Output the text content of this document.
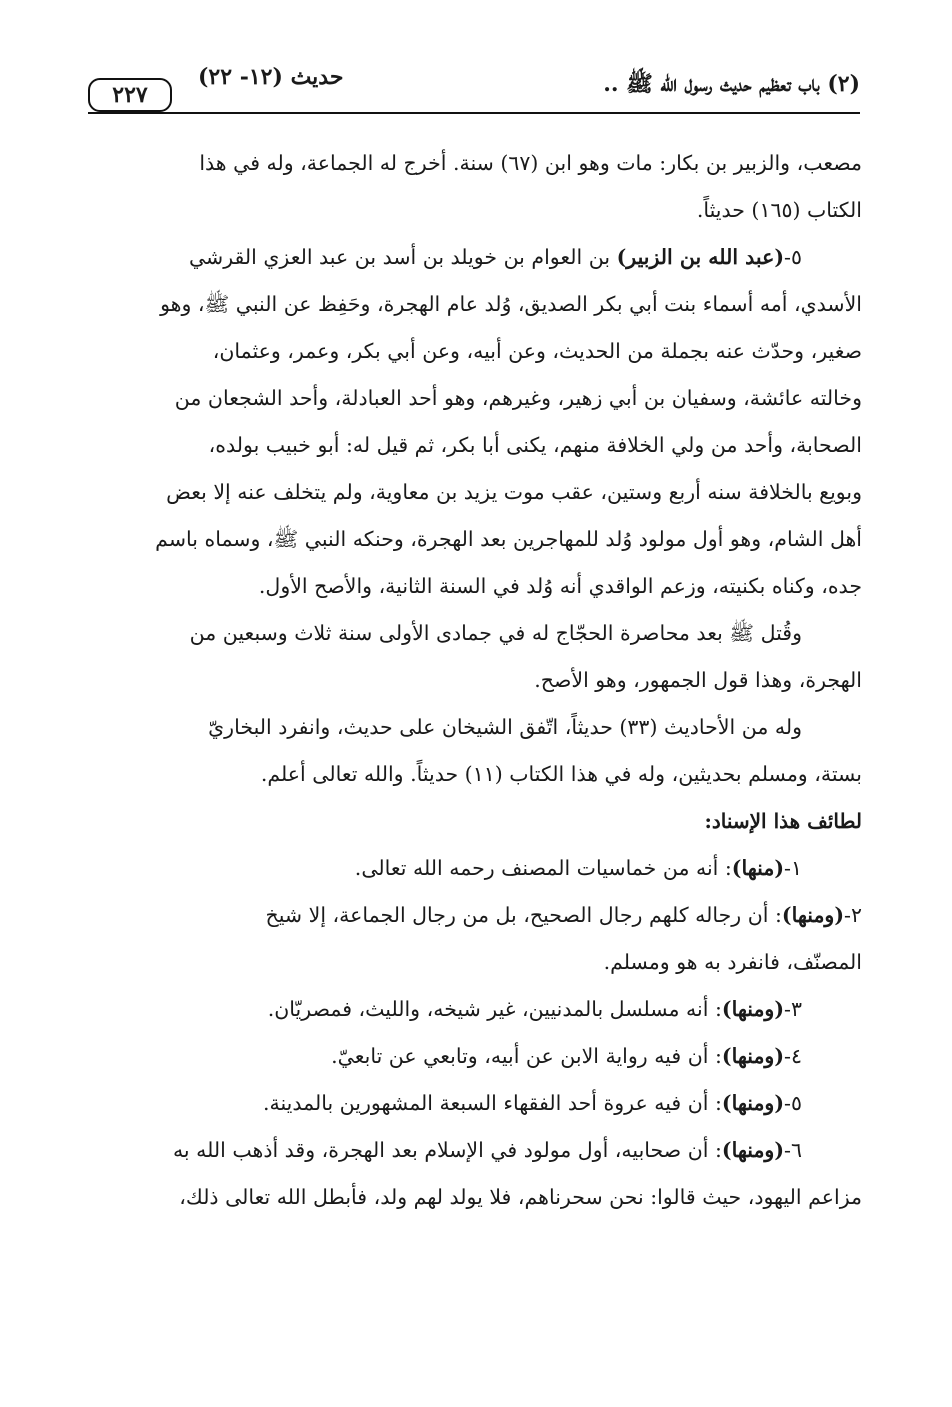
(٢) باب تعظيم حديث رسول الله ﷺ ..
حديث (١٢- ٢٢)
٢٢٧

مصعب، والزبير بن بكار: مات وهو ابن (٦٧) سنة. أخرج له الجماعة، وله في هذا
الكتاب (١٦٥) حديثاً.

٥-(عبد الله بن الزبير) بن العوام بن خويلد بن أسد بن عبد العزي القرشي
الأسدي، أمه أسماء بنت أبي بكر الصديق، وُلد عام الهجرة، وحَفِظ عن النبي ﷺ، وهو
صغير، وحدّث عنه بجملة من الحديث، وعن أبيه، وعن أبي بكر، وعمر، وعثمان،
وخالته عائشة، وسفيان بن أبي زهير، وغيرهم، وهو أحد العبادلة، وأحد الشجعان من
الصحابة، وأحد من ولي الخلافة منهم، يكنى أبا بكر، ثم قيل له: أبو خبيب بولده،
وبويع بالخلافة سنه أربع وستين، عقب موت يزيد بن معاوية، ولم يتخلف عنه إلا بعض
أهل الشام، وهو أول مولود وُلد للمهاجرين بعد الهجرة، وحنكه النبي ﷺ، وسماه باسم
جده، وكناه بكنيته، وزعم الواقدي أنه وُلد في السنة الثانية، والأصح الأول.

وقُتل ﷺ بعد محاصرة الحجّاج له في جمادى الأولى سنة ثلاث وسبعين من
الهجرة، وهذا قول الجمهور، وهو الأصح.

وله من الأحاديث (٣٣) حديثاً، اتّفق الشيخان على حديث، وانفرد البخاريّ
بستة، ومسلم بحديثين، وله في هذا الكتاب (١١) حديثاً. والله تعالى أعلم.

لطائف هذا الإسناد:

١-(منها): أنه من خماسيات المصنف رحمه الله تعالى.

٢-(ومنها): أن رجاله كلهم رجال الصحيح، بل من رجال الجماعة، إلا شيخ
المصنّف، فانفرد به هو ومسلم.

٣-(ومنها): أنه مسلسل بالمدنيين، غير شيخه، والليث، فمصريّان.

٤-(ومنها): أن فيه رواية الابن عن أبيه، وتابعي عن تابعيّ.

٥-(ومنها): أن فيه عروة أحد الفقهاء السبعة المشهورين بالمدينة.

٦-(ومنها): أن صحابيه، أول مولود في الإسلام بعد الهجرة، وقد أذهب الله به
مزاعم اليهود، حيث قالوا: نحن سحرناهم، فلا يولد لهم ولد، فأبطل الله تعالى ذلك،
